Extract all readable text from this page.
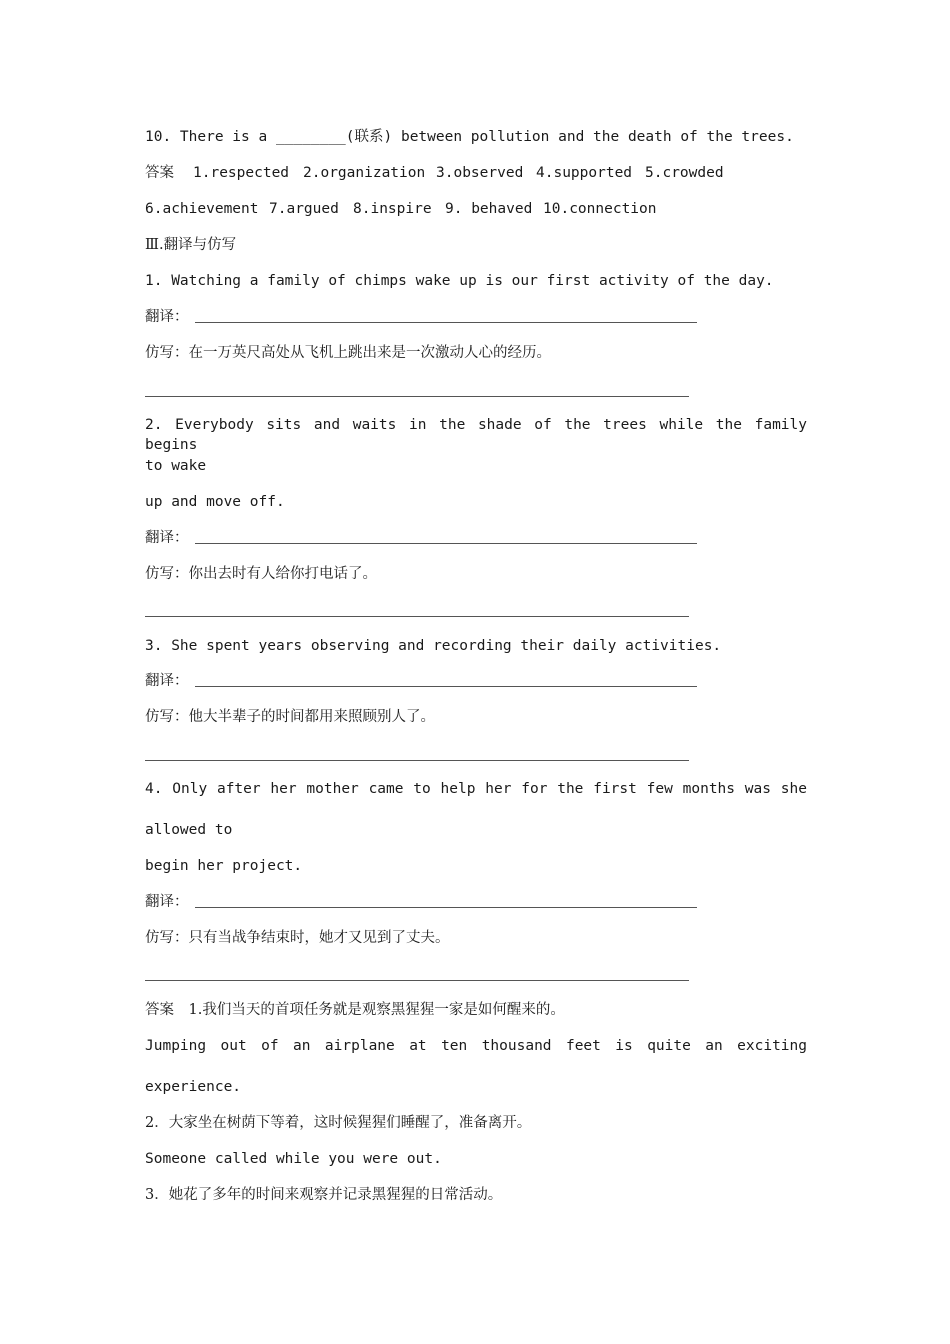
10. There is a ________(联系) between pollution and the death of the trees.

答案 1.respected 2.organization 3.observed 4.supported 5.crowded
6.achievement 7.argued 8.inspire 9. behaved 10.connection

Ⅲ.翻译与仿写

1. Watching a family of chimps wake up is our first activity of the day.

翻译：

仿写：在一万英尺高处从飞机上跳出来是一次激动人心的经历。

2. Everybody sits and waits in the shade of the trees while the family begins

to wake

up and move off.

翻译：

仿写：你出去时有人给你打电话了。

3. She spent years observing and recording their daily activities.

翻译：

仿写：他大半辈子的时间都用来照顾别人了。

4. Only after her mother came to help her for the first few months was she

allowed to

begin her project.

翻译：

仿写：只有当战争结束时，她才又见到了丈夫。

答案　1.我们当天的首项任务就是观察黑猩猩一家是如何醒来的。

Jumping out of an airplane at ten thousand feet is quite an exciting

experience.

2．大家坐在树荫下等着，这时候猩猩们睡醒了，准备离开。

Someone called while you were out.

3．她花了多年的时间来观察并记录黑猩猩的日常活动。
